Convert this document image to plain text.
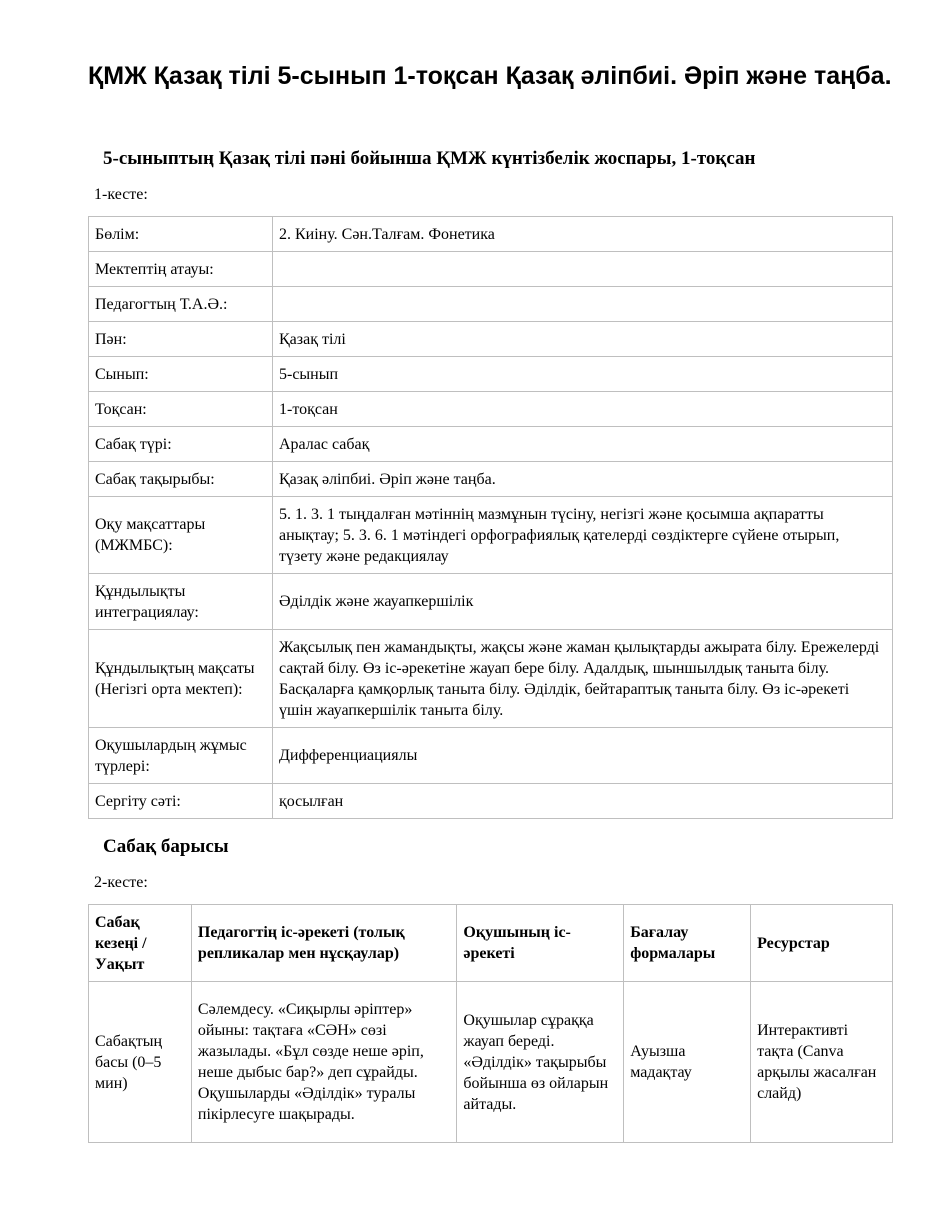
ҚМЖ Қазақ тілі 5-сынып 1-тоқсан Қазақ әліпбиі. Әріп және таңба.
5-сыныптың Қазақ тілі пәні бойынша ҚМЖ күнтізбелік жоспары, 1-тоқсан

1-кесте:

Бөлім:	2. Киіну. Сән.Талғам. Фонетика
Мектептің атауы:	
Педагогтың Т.А.Ә.:	
Пән:	Қазақ тілі
Сынып:	5-сынып
Тоқсан:	1-тоқсан
Сабақ түрі:	Аралас сабақ
Сабақ тақырыбы:	Қазақ әліпбиі. Әріп және таңба.
Оқу мақсаттары (МЖМБС):	5. 1. 3. 1 тыңдалған мәтіннің мазмұнын түсіну, негізгі және қосымша ақпаратты анықтау; 5. 3. 6. 1 мәтіндегі орфографиялық қателерді сөздіктерге сүйене отырып, түзету және редакциялау
Құндылықты интеграциялау:	Әділдік және жауапкершілік
Құндылықтың мақсаты (Негізгі орта мектеп):	Жақсылық пен жамандықты, жақсы және жаман қылықтарды ажырата білу. Ережелерді сақтай білу. Өз іс-әрекетіне жауап бере білу. Адалдық, шыншылдық таныта білу. Басқаларға қамқорлық таныта білу. Әділдік, бейтараптық таныта білу. Өз іс-әрекеті үшін жауапкершілік таныта білу.
Оқушылардың жұмыс түрлері:	Дифференциациялы
Сергіту сәті:	қосылған
Сабақ барысы

2-кесте:

Сабақ кезеңі / Уақыт	Педагогтің іс-әрекеті (толық репликалар мен нұсқаулар)	Оқушының іс-әрекеті	Бағалау формалары	Ресурстар
Сабақтың басы (0–5 мин)	Сәлемдесу. «Сиқырлы әріптер» ойыны: тақтаға «СӘН» сөзі жазылады. «Бұл сөзде неше әріп, неше дыбыс бар?» деп сұрайды. Оқушыларды «Әділдік» туралы пікірлесуге шақырады.	Оқушылар сұраққа жауап береді. «Әділдік» тақырыбы бойынша өз ойларын айтады.	Ауызша мадақтау	Интерактивті тақта (Canva арқылы жасалған слайд)
